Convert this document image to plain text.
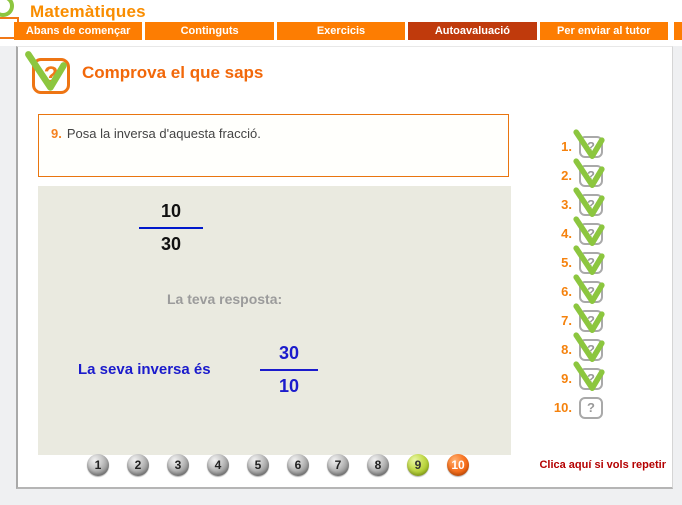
Matemàtiques
Abans de començar	Continguts	Exercicis	Autoavaluació	Per enviar al tutor
? Comprova el que saps
9. Posa la inversa d'aquesta fracció.
10
30
La teva resposta:
La seva inversa és
30
10
1	2	3	4	5	6	7	8	9	10
1. ?
2. ?
3. ?
4. ?
5. ?
6. ?
7. ?
8. ?
9. ?
10. ?
Clica aquí si vols repetir
